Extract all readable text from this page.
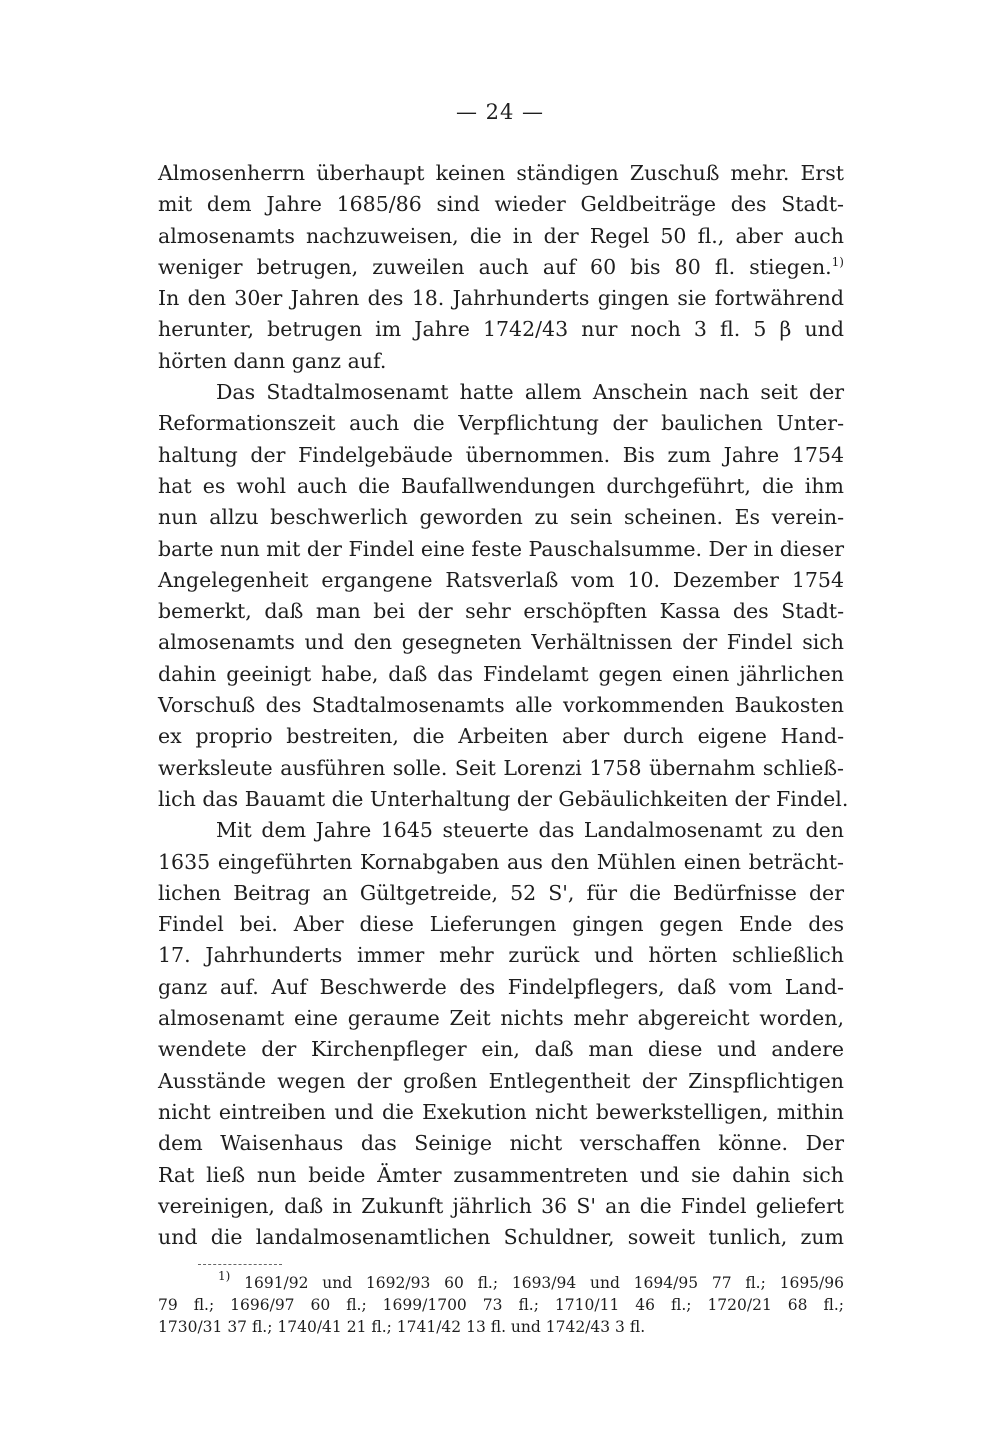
— 24 —
Almosenherrn überhaupt keinen ständigen Zuschuß mehr. Erst
mit dem Jahre 1685/86 sind wieder Geldbeiträge des Stadt-
almosenamts nachzuweisen, die in der Regel 50 fl., aber auch
weniger betrugen, zuweilen auch auf 60 bis 80 fl. stiegen.$^{1)}$
In den 30er Jahren des 18. Jahrhunderts gingen sie fortwährend
herunter, betrugen im Jahre 1742/43 nur noch 3 fl. 5 β und
hörten dann ganz auf.
Das Stadtalmosenamt hatte allem Anschein nach seit der
Reformationszeit auch die Verpflichtung der baulichen Unter-
haltung der Findelgebäude übernommen. Bis zum Jahre 1754
hat es wohl auch die Baufallwendungen durchgeführt, die ihm
nun allzu beschwerlich geworden zu sein scheinen. Es verein-
barte nun mit der Findel eine feste Pauschalsumme. Der in dieser
Angelegenheit ergangene Ratsverlaß vom 10. Dezember 1754
bemerkt, daß man bei der sehr erschöpften Kassa des Stadt-
almosenamts und den gesegneten Verhältnissen der Findel sich
dahin geeinigt habe, daß das Findelamt gegen einen jährlichen
Vorschuß des Stadtalmosenamts alle vorkommenden Baukosten
ex proprio bestreiten, die Arbeiten aber durch eigene Hand-
werksleute ausführen solle. Seit Lorenzi 1758 übernahm schließ-
lich das Bauamt die Unterhaltung der Gebäulichkeiten der Findel.
Mit dem Jahre 1645 steuerte das Landalmosenamt zu den
1635 eingeführten Kornabgaben aus den Mühlen einen beträcht-
lichen Beitrag an Gültgetreide, 52 S', für die Bedürfnisse der
Findel bei. Aber diese Lieferungen gingen gegen Ende des
17. Jahrhunderts immer mehr zurück und hörten schließlich
ganz auf. Auf Beschwerde des Findelpflegers, daß vom Land-
almosenamt eine geraume Zeit nichts mehr abgereicht worden,
wendete der Kirchenpfleger ein, daß man diese und andere
Ausstände wegen der großen Entlegentheit der Zinspflichtigen
nicht eintreiben und die Exekution nicht bewerkstelligen, mithin
dem Waisenhaus das Seinige nicht verschaffen könne. Der
Rat ließ nun beide Ämter zusammentreten und sie dahin sich
vereinigen, daß in Zukunft jährlich 36 S' an die Findel geliefert
und die landalmosenamtlichen Schuldner, soweit tunlich, zum
$^{1)}$ 1691/92 und 1692/93 60 fl.; 1693/94 und 1694/95 77 fl.; 1695/96
79 fl.; 1696/97 60 fl.; 1699/1700 73 fl.; 1710/11 46 fl.; 1720/21 68 fl.;
1730/31 37 fl.; 1740/41 21 fl.; 1741/42 13 fl. und 1742/43 3 fl.
